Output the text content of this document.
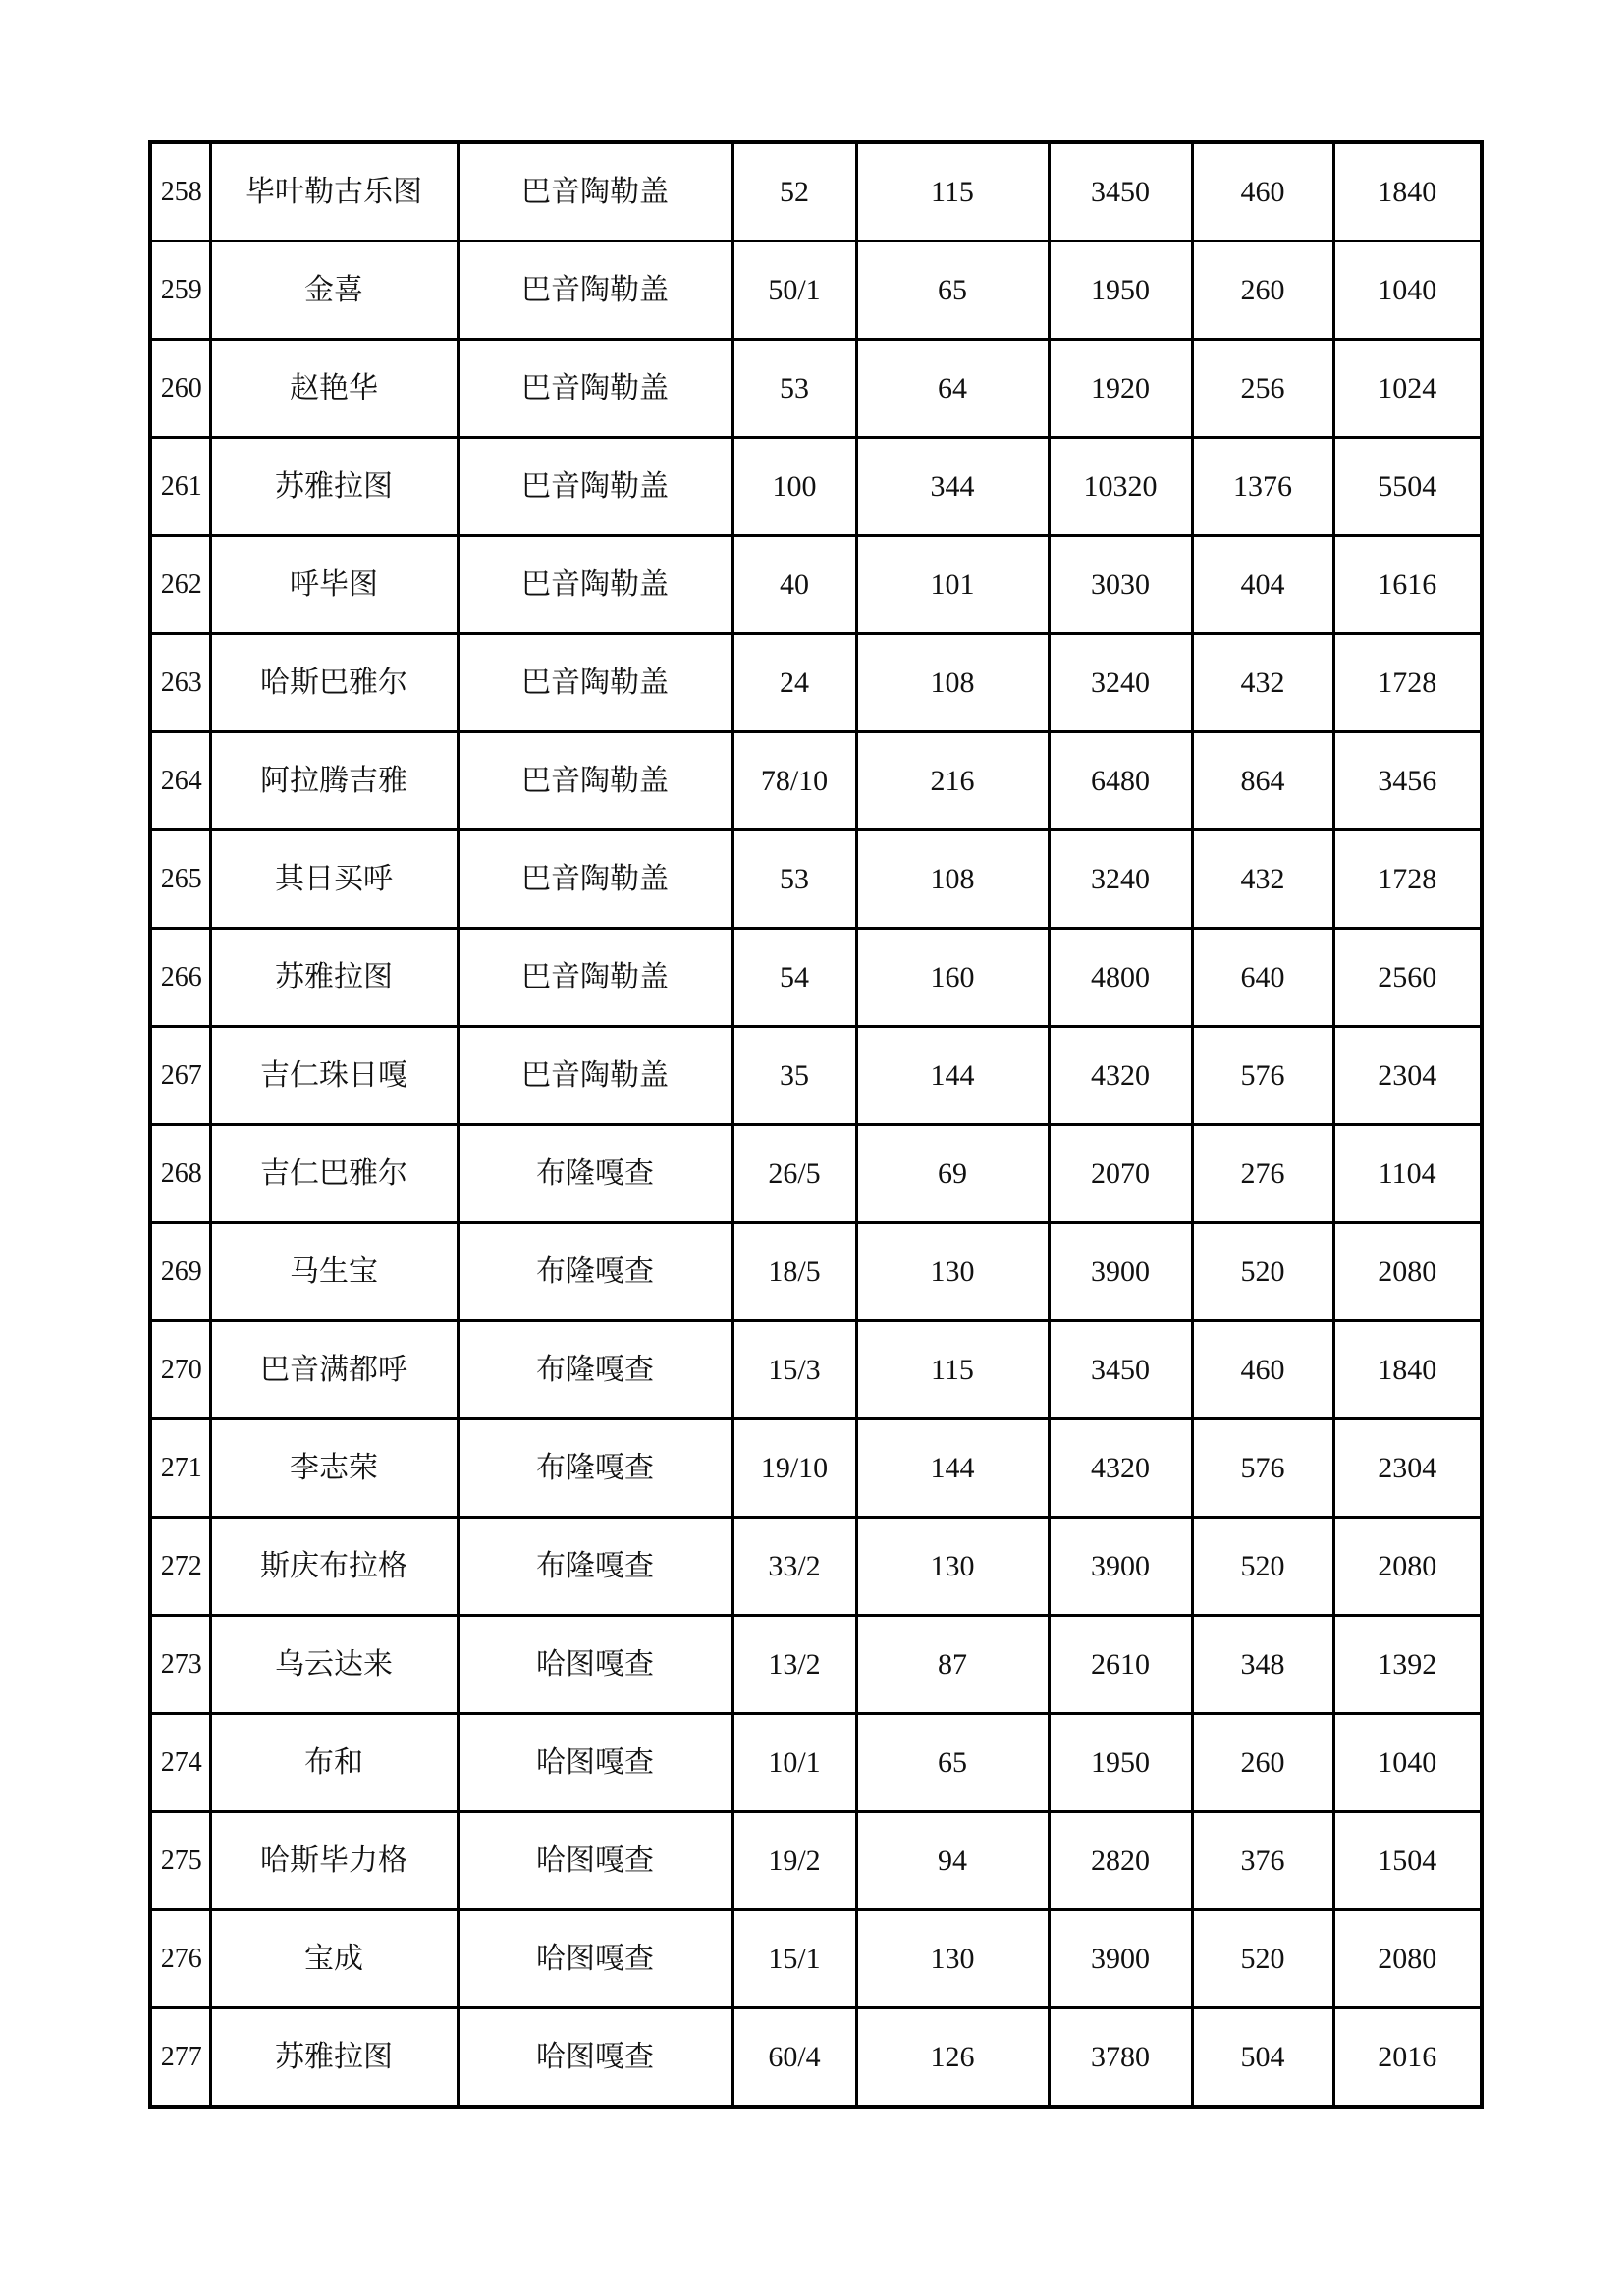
258	毕叶勒古乐图	巴音陶勒盖	52	115	3450	460	1840
259	金喜	巴音陶勒盖	50/1	65	1950	260	1040
260	赵艳华	巴音陶勒盖	53	64	1920	256	1024
261	苏雅拉图	巴音陶勒盖	100	344	10320	1376	5504
262	呼毕图	巴音陶勒盖	40	101	3030	404	1616
263	哈斯巴雅尔	巴音陶勒盖	24	108	3240	432	1728
264	阿拉腾吉雅	巴音陶勒盖	78/10	216	6480	864	3456
265	其日买呼	巴音陶勒盖	53	108	3240	432	1728
266	苏雅拉图	巴音陶勒盖	54	160	4800	640	2560
267	吉仁珠日嘎	巴音陶勒盖	35	144	4320	576	2304
268	吉仁巴雅尔	布隆嘎查	26/5	69	2070	276	1104
269	马生宝	布隆嘎查	18/5	130	3900	520	2080
270	巴音满都呼	布隆嘎查	15/3	115	3450	460	1840
271	李志荣	布隆嘎查	19/10	144	4320	576	2304
272	斯庆布拉格	布隆嘎查	33/2	130	3900	520	2080
273	乌云达来	哈图嘎查	13/2	87	2610	348	1392
274	布和	哈图嘎查	10/1	65	1950	260	1040
275	哈斯毕力格	哈图嘎查	19/2	94	2820	376	1504
276	宝成	哈图嘎查	15/1	130	3900	520	2080
277	苏雅拉图	哈图嘎查	60/4	126	3780	504	2016
